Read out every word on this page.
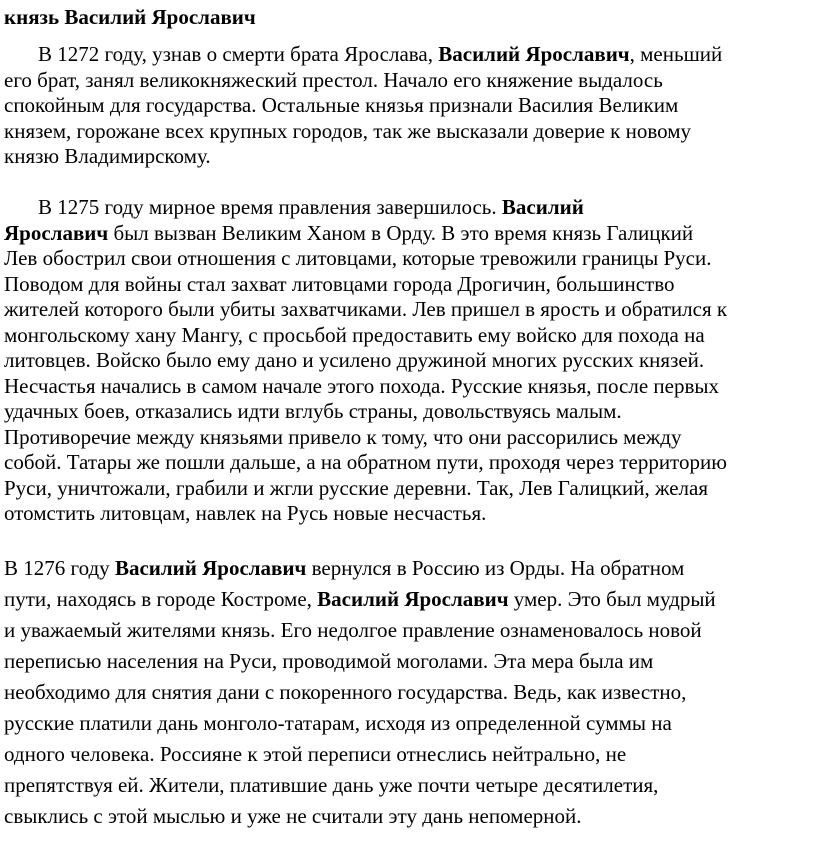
князь Василий Ярославич
В 1272 году, узнав о смерти брата Ярослава, Василий Ярославич, меньший
его брат, занял великокняжеский престол. Начало его княжение выдалось
спокойным для государства. Остальные князья признали Василия Великим
князем, горожане всех крупных городов, так же высказали доверие к новому
князю Владимирскому.
В 1275 году мирное время правления завершилось. Василий
Ярославич был вызван Великим Ханом в Орду. В это время князь Галицкий
Лев обострил свои отношения с литовцами, которые тревожили границы Руси.
Поводом для войны стал захват литовцами города Дрогичин, большинство
жителей которого были убиты захватчиками. Лев пришел в ярость и обратился к
монгольскому хану Мангу, с просьбой предоставить ему войско для похода на
литовцев. Войско было ему дано и усилено дружиной многих русских князей.
Несчастья начались в самом начале этого похода. Русские князья, после первых
удачных боев, отказались идти вглубь страны, довольствуясь малым.
Противоречие между князьями привело к тому, что они рассорились между
собой. Татары же пошли дальше, а на обратном пути, проходя через территорию
Руси, уничтожали, грабили и жгли русские деревни. Так, Лев Галицкий, желая
отомстить литовцам, навлек на Русь новые несчастья.
В 1276 году Василий Ярославич вернулся в Россию из Орды. На обратном
пути, находясь в городе Костроме, Василий Ярославич умер. Это был мудрый
и уважаемый жителями князь. Его недолгое правление ознаменовалось новой
переписью населения на Руси, проводимой моголами. Эта мера была им
необходимо для снятия дани с покоренного государства. Ведь, как известно,
русские платили дань монголо-татарам, исходя из определенной суммы на
одного человека. Россияне к этой переписи отнеслись нейтрально, не
препятствуя ей. Жители, платившие дань уже почти четыре десятилетия,
свыклись с этой мыслью и уже не считали эту дань непомерной.
